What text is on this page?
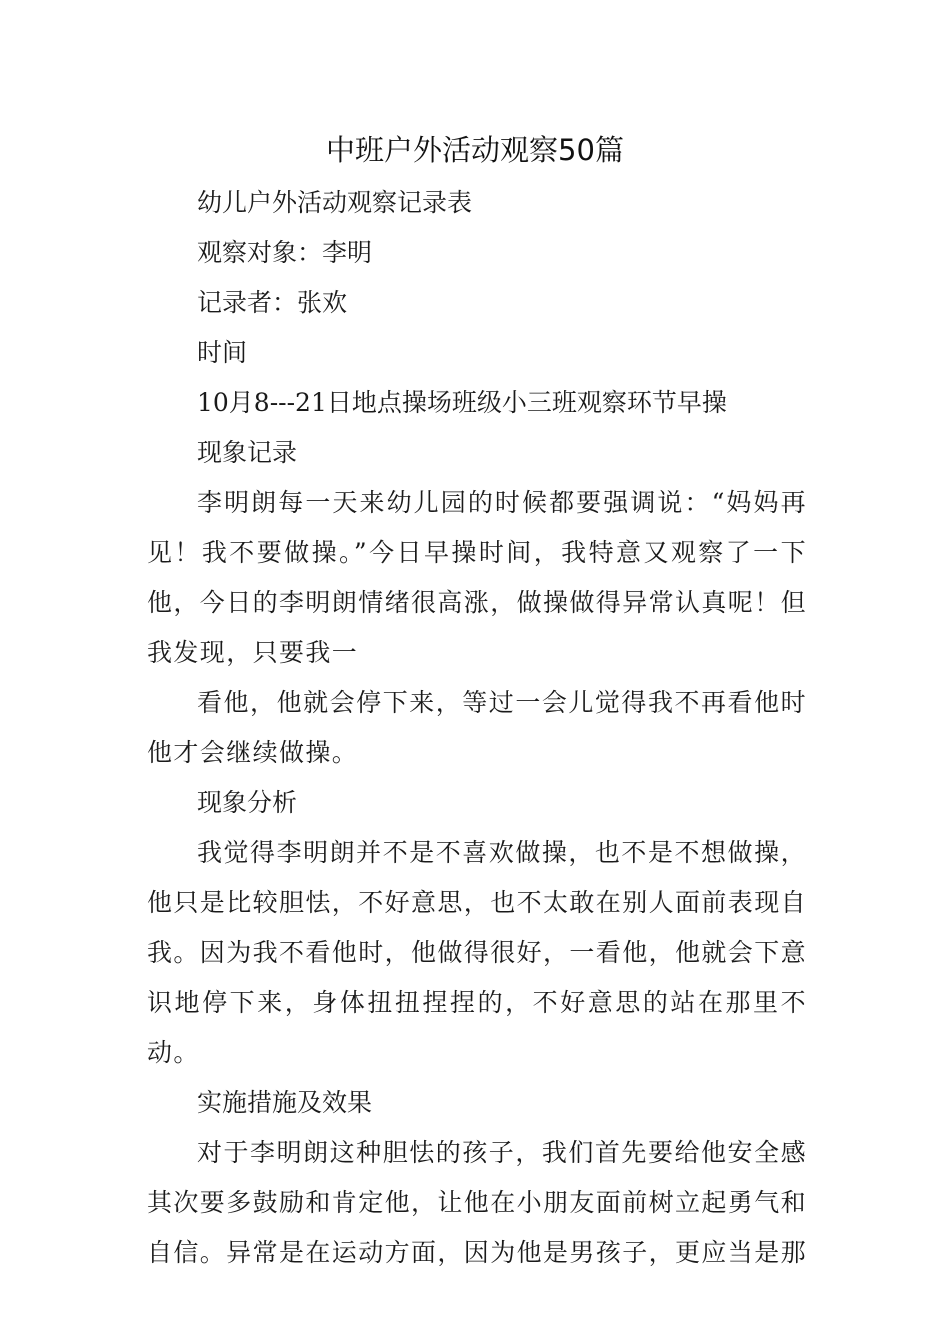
中班户外活动观察50篇

幼儿户外活动观察记录表

观察对象：李明

记录者：张欢

时间

10月8---21日地点操场班级小三班观察环节早操

现象记录

李明朗每一天来幼儿园的时候都要强调说：“妈妈再见！我不要做操。”今日早操时间，我特意又观察了一下他，今日的李明朗情绪很高涨，做操做得异常认真呢！但我发现，只要我一

看他，他就会停下来，等过一会儿觉得我不再看他时他才会继续做操。

现象分析

我觉得李明朗并不是不喜欢做操，也不是不想做操，他只是比较胆怯，不好意思，也不太敢在别人面前表现自我。因为我不看他时，他做得很好，一看他，他就会下意识地停下来，身体扭扭捏捏的，不好意思的站在那里不动。

实施措施及效果

对于李明朗这种胆怯的孩子，我们首先要给他安全感其次要多鼓励和肯定他，让他在小朋友面前树立起勇气和自信。异常是在运动方面，因为他是男孩子，更应当是那
